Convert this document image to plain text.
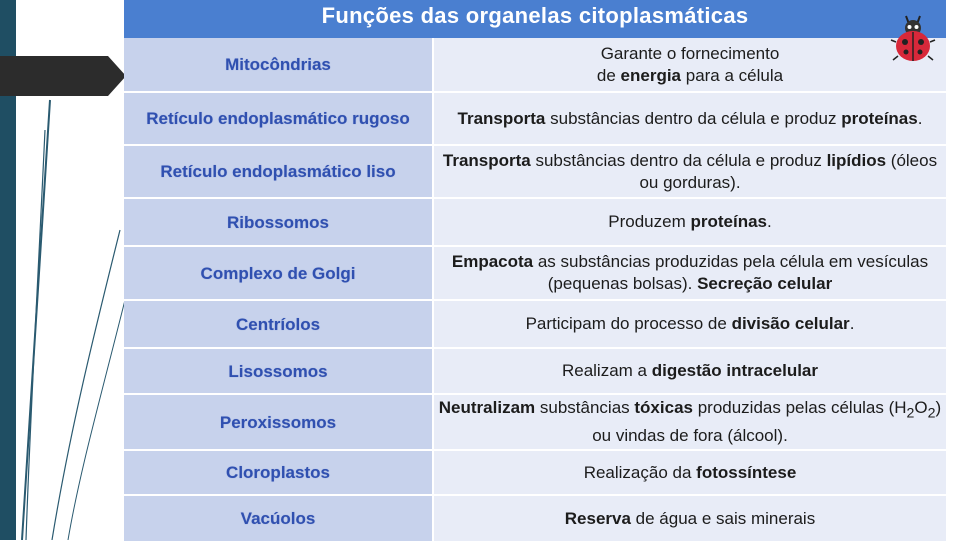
Funções das organelas citoplasmáticas
Mitocôndrias	Garante o fornecimento
de energia para a célula
Retículo endoplasmático rugoso	Transporta substâncias dentro da célula e produz proteínas.
Retículo endoplasmático liso	Transporta substâncias dentro da célula e produz lipídios (óleos ou gorduras).
Ribossomos	Produzem proteínas.
Complexo de Golgi	Empacota as substâncias produzidas pela célula em vesículas (pequenas bolsas). Secreção celular
Centríolos	Participam do processo de divisão celular.
Lisossomos	Realizam a digestão intracelular
Peroxissomos	Neutralizam substâncias tóxicas produzidas pelas células $(H_2O_2)$ ou vindas de fora (álcool).
Cloroplastos	Realização da fotossíntese
Vacúolos	Reserva de água e sais minerais
